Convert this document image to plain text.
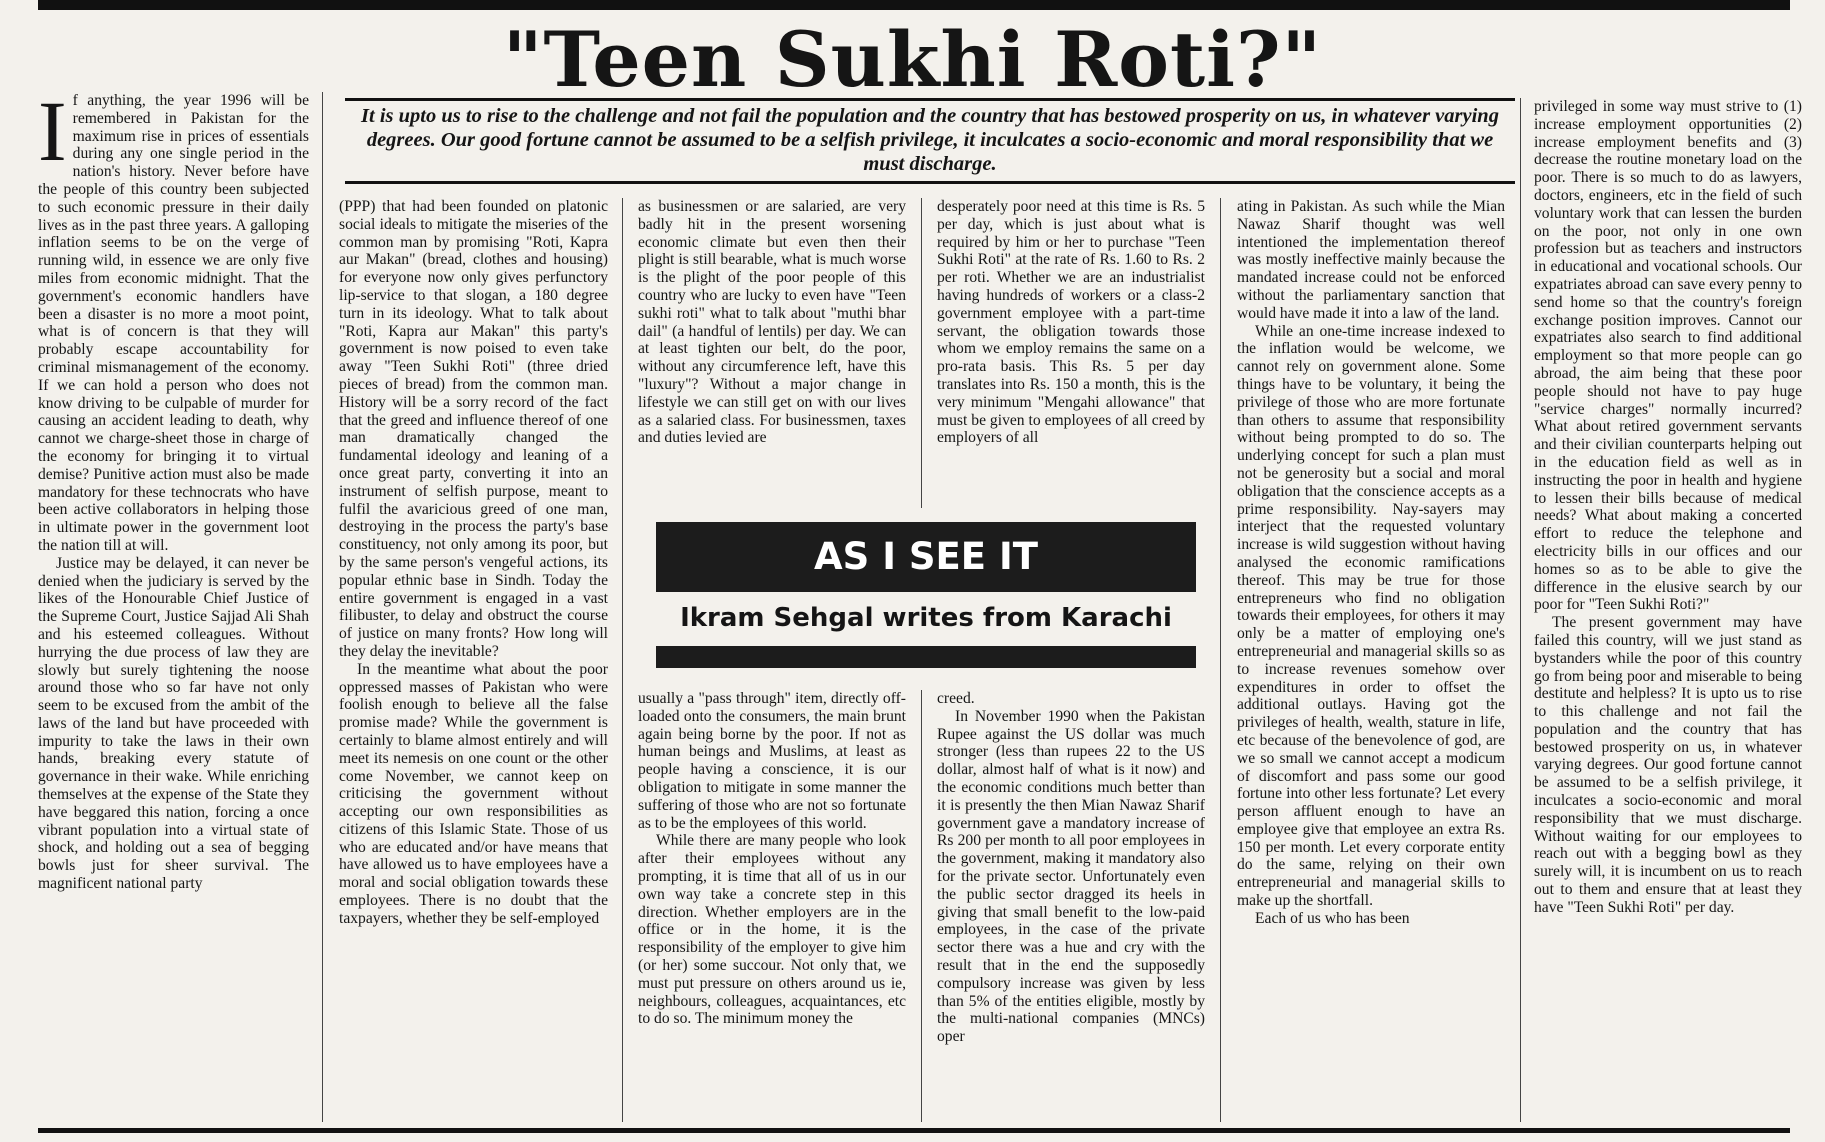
"Teen Sukhi Roti?"

It is upto us to rise to the challenge and not fail the population and the country that has bestowed prosperity on us, in whatever varying degrees. Our good fortune cannot be assumed to be a selfish privilege, it inculcates a socio-economic and moral responsibility that we must discharge.

I f anything, the year 1996 will be remembered in Pakistan for the maximum rise in prices of essentials during any one single period in the nation's history. Never before have the people of this country been subjected to such economic pressure in their daily lives as in the past three years. A galloping inflation seems to be on the verge of running wild, in essence we are only five miles from economic midnight. That the government's economic handlers have been a disaster is no more a moot point, what is of concern is that they will probably escape accountability for criminal mismanagement of the economy. If we can hold a person who does not know driving to be culpable of murder for causing an accident leading to death, why cannot we charge-sheet those in charge of the economy for bringing it to virtual demise? Punitive action must also be made mandatory for these technocrats who have been active collaborators in helping those in ultimate power in the government loot the nation till at will.

Justice may be delayed, it can never be denied when the judiciary is served by the likes of the Honourable Chief Justice of the Supreme Court, Justice Sajjad Ali Shah and his esteemed colleagues. Without hurrying the due process of law they are slowly but surely tightening the noose around those who so far have not only seem to be excused from the ambit of the laws of the land but have proceeded with impurity to take the laws in their own hands, breaking every statute of governance in their wake. While enriching themselves at the expense of the State they have beggared this nation, forcing a once vibrant population into a virtual state of shock, and holding out a sea of begging bowls just for sheer survival. The magnificent national party

(PPP) that had been founded on platonic social ideals to mitigate the miseries of the common man by promising "Roti, Kapra aur Makan" (bread, clothes and housing) for everyone now only gives perfunctory lip-service to that slogan, a 180 degree turn in its ideology. What to talk about "Roti, Kapra aur Makan" this party's government is now poised to even take away "Teen Sukhi Roti" (three dried pieces of bread) from the common man. History will be a sorry record of the fact that the greed and influence thereof of one man dramatically changed the fundamental ideology and leaning of a once great party, converting it into an instrument of selfish purpose, meant to fulfil the avaricious greed of one man, destroying in the process the party's base constituency, not only among its poor, but by the same person's vengeful actions, its popular ethnic base in Sindh. Today the entire government is engaged in a vast filibuster, to delay and obstruct the course of justice on many fronts? How long will they delay the inevitable?

In the meantime what about the poor oppressed masses of Pakistan who were foolish enough to believe all the false promise made? While the government is certainly to blame almost entirely and will meet its nemesis on one count or the other come November, we cannot keep on criticising the government without accepting our own responsibilities as citizens of this Islamic State. Those of us who are educated and/or have means that have allowed us to have employees have a moral and social obligation towards these employees. There is no doubt that the taxpayers, whether they be self-employed

as businessmen or are salaried, are very badly hit in the present worsening economic climate but even then their plight is still bearable, what is much worse is the plight of the poor people of this country who are lucky to even have "Teen sukhi roti" what to talk about "muthi bhar dail" (a handful of lentils) per day. We can at least tighten our belt, do the poor, without any circumference left, have this "luxury"? Without a major change in lifestyle we can still get on with our lives as a salaried class. For businessmen, taxes and duties levied are

usually a "pass through" item, directly off-loaded onto the consumers, the main brunt again being borne by the poor. If not as human beings and Muslims, at least as people having a conscience, it is our obligation to mitigate in some manner the suffering of those who are not so fortunate as to be the employees of this world.

While there are many people who look after their employees without any prompting, it is time that all of us in our own way take a concrete step in this direction. Whether employers are in the office or in the home, it is the responsibility of the employer to give him (or her) some succour. Not only that, we must put pressure on others around us ie, neighbours, colleagues, acquaintances, etc to do so. The minimum money the

desperately poor need at this time is Rs. 5 per day, which is just about what is required by him or her to purchase "Teen Sukhi Roti" at the rate of Rs. 1.60 to Rs. 2 per roti. Whether we are an industrialist having hundreds of workers or a class-2 government employee with a part-time servant, the obligation towards those whom we employ remains the same on a pro-rata basis. This Rs. 5 per day translates into Rs. 150 a month, this is the very minimum "Mengahi allowance" that must be given to employees of all creed by employers of all

creed.

In November 1990 when the Pakistan Rupee against the US dollar was much stronger (less than rupees 22 to the US dollar, almost half of what is it now) and the economic conditions much better than it is presently the then Mian Nawaz Sharif government gave a mandatory increase of Rs 200 per month to all poor employees in the government, making it mandatory also for the private sector. Unfortunately even the public sector dragged its heels in giving that small benefit to the low-paid employees, in the case of the private sector there was a hue and cry with the result that in the end the supposedly compulsory increase was given by less than 5% of the entities eligible, mostly by the multi-national companies (MNCs) oper

ating in Pakistan. As such while the Mian Nawaz Sharif thought was well intentioned the implementation thereof was mostly ineffective mainly because the mandated increase could not be enforced without the parliamentary sanction that would have made it into a law of the land.

While an one-time increase indexed to the inflation would be welcome, we cannot rely on government alone. Some things have to be voluntary, it being the privilege of those who are more fortunate than others to assume that responsibility without being prompted to do so. The underlying concept for such a plan must not be generosity but a social and moral obligation that the conscience accepts as a prime responsibility. Nay-sayers may interject that the requested voluntary increase is wild suggestion without having analysed the economic ramifications thereof. This may be true for those entrepreneurs who find no obligation towards their employees, for others it may only be a matter of employing one's entrepreneurial and managerial skills so as to increase revenues somehow over expenditures in order to offset the additional outlays. Having got the privileges of health, wealth, stature in life, etc because of the benevolence of god, are we so small we cannot accept a modicum of discomfort and pass some our good fortune into other less fortunate? Let every person affluent enough to have an employee give that employee an extra Rs. 150 per month. Let every corporate entity do the same, relying on their own entrepreneurial and managerial skills to make up the shortfall.

Each of us who has been

privileged in some way must strive to (1) increase employment opportunities (2) increase employment benefits and (3) decrease the routine monetary load on the poor. There is so much to do as lawyers, doctors, engineers, etc in the field of such voluntary work that can lessen the burden on the poor, not only in one own profession but as teachers and instructors in educational and vocational schools. Our expatriates abroad can save every penny to send home so that the country's foreign exchange position improves. Cannot our expatriates also search to find additional employment so that more people can go abroad, the aim being that these poor people should not have to pay huge "service charges" normally incurred? What about retired government servants and their civilian counterparts helping out in the education field as well as in instructing the poor in health and hygiene to lessen their bills because of medical needs? What about making a concerted effort to reduce the telephone and electricity bills in our offices and our homes so as to be able to give the difference in the elusive search by our poor for "Teen Sukhi Roti?"

The present government may have failed this country, will we just stand as bystanders while the poor of this country go from being poor and miserable to being destitute and helpless? It is upto us to rise to this challenge and not fail the population and the country that has bestowed prosperity on us, in whatever varying degrees. Our good fortune cannot be assumed to be a selfish privilege, it inculcates a socio-economic and moral responsibility that we must discharge. Without waiting for our employees to reach out with a begging bowl as they surely will, it is incumbent on us to reach out to them and ensure that at least they have "Teen Sukhi Roti" per day.

AS I SEE IT
Ikram Sehgal writes from Karachi
